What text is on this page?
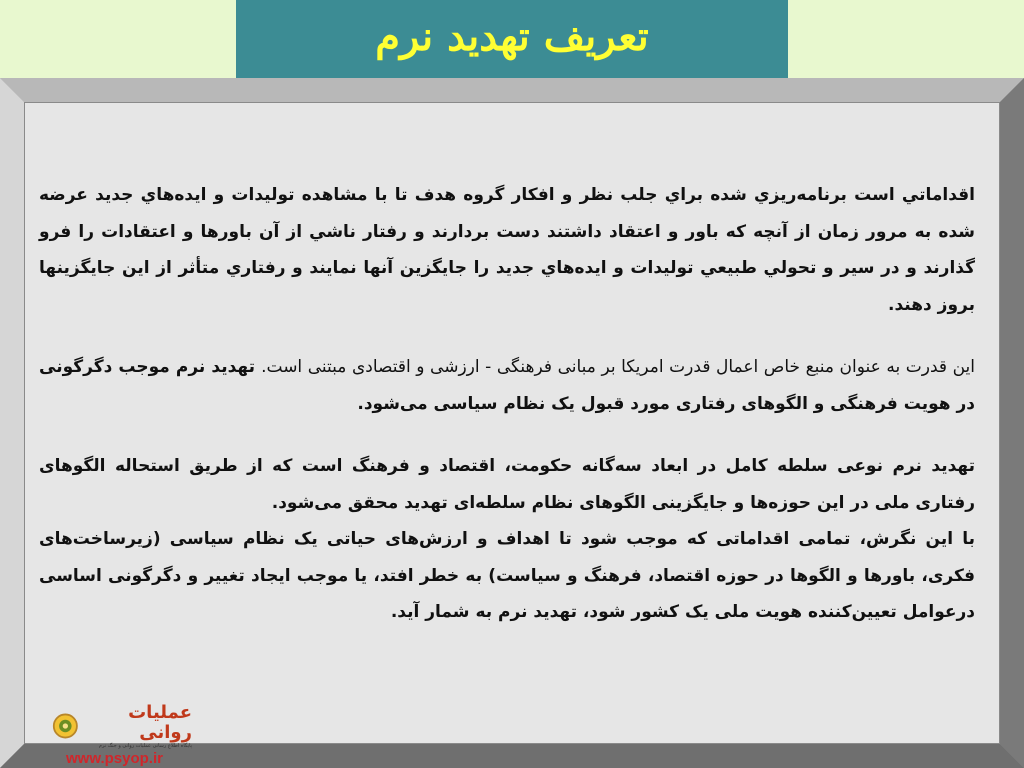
تعریف تهدید نرم

اقداماتي است برنامه‌ريزي شده براي جلب نظر و افكار گروه هدف تا با مشاهده توليدات و ايده‌هاي جديد عرضه شده به مرور زمان از آنچه كه باور و اعتقاد داشتند دست بردارند و رفتار ناشي از آن باورها و اعتقادات را فرو گذارند و در سير و تحولي طبيعي توليدات و ايده‌هاي جديد را جايگزين آنها نمايند و رفتاري متأثر از اين جايگزينها بروز دهند.

این قدرت به عنوان منبع خاص اعمال قدرت امریکا بر مبانی فرهنگی - ارزشی و اقتصادی مبتنی است. تهدید نرم موجب دگرگونی در هویت فرهنگی و الگوهای رفتاری مورد قبول یک نظام سیاسی می‌شود.

تهدید نرم نوعی سلطه کامل در ابعاد سه‌گانه حکومت، اقتصاد و فرهنگ است که از طریق استحاله الگوهای رفتاری ملی در این حوزه‌ها و جایگزینی الگوهای نظام سلطه‌ای تهدید محقق می‌شود.

با این نگرش، تمامی اقداماتی که موجب شود تا اهداف و ارزش‌های حیاتی یک نظام سیاسی (زیرساخت‌های فکری، باورها و الگوها در حوزه اقتصاد، فرهنگ و سیاست) به خطر افتد، یا موجب ایجاد تغییر و دگرگونی اساسی درعوامل تعیین‌کننده هویت ملی یک کشور شود، تهدید نرم به شمار آید.

عملیات روانی
پایگاه اطلاع رسانی عملیات روانی و جنگ نرم
www.psyop.ir
